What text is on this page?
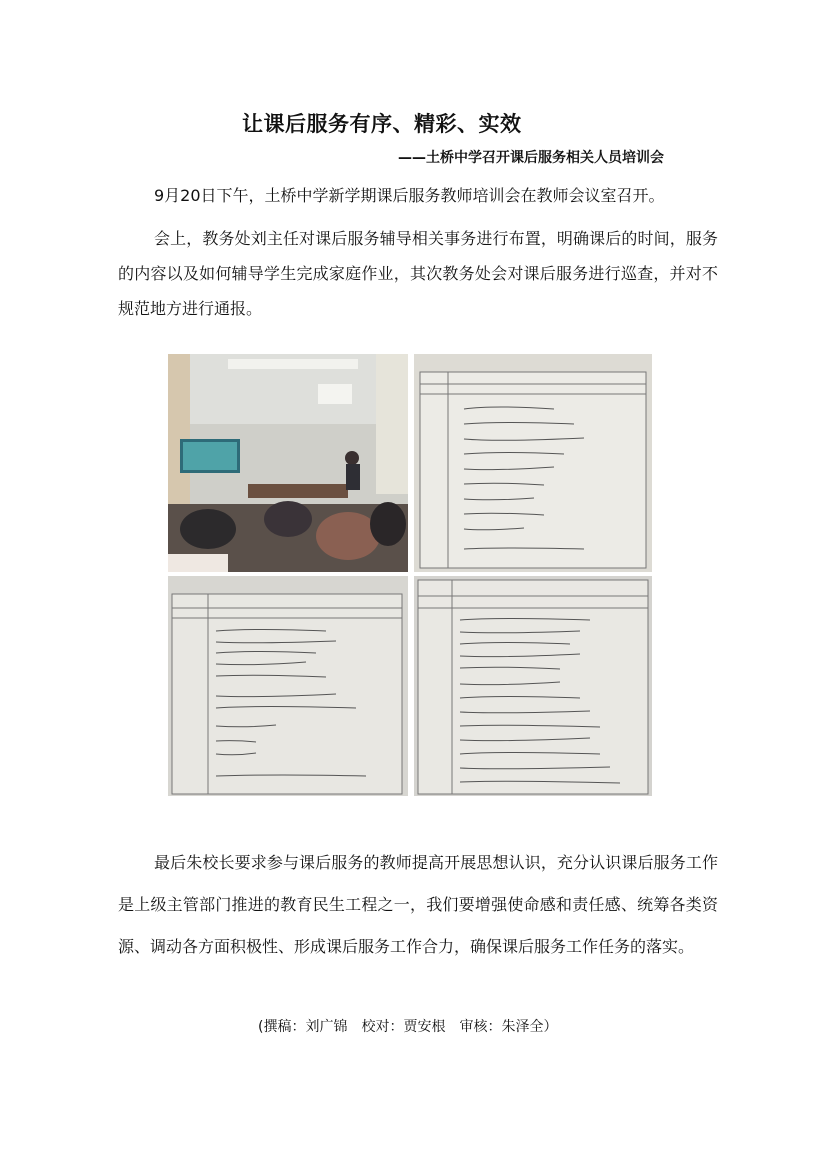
让课后服务有序、精彩、实效
——土桥中学召开课后服务相关人员培训会
9月20日下午，土桥中学新学期课后服务教师培训会在教师会议室召开。
会上，教务处刘主任对课后服务辅导相关事务进行布置，明确课后的时间，服务的内容以及如何辅导学生完成家庭作业，其次教务处会对课后服务进行巡查，并对不规范地方进行通报。
最后朱校长要求参与课后服务的教师提高开展思想认识，充分认识课后服务工作是上级主管部门推进的教育民生工程之一，我们要增强使命感和责任感、统筹各类资源、调动各方面积极性、形成课后服务工作合力，确保课后服务工作任务的落实。
(撰稿：刘广锦　校对：贾安根　审核：朱泽全）
